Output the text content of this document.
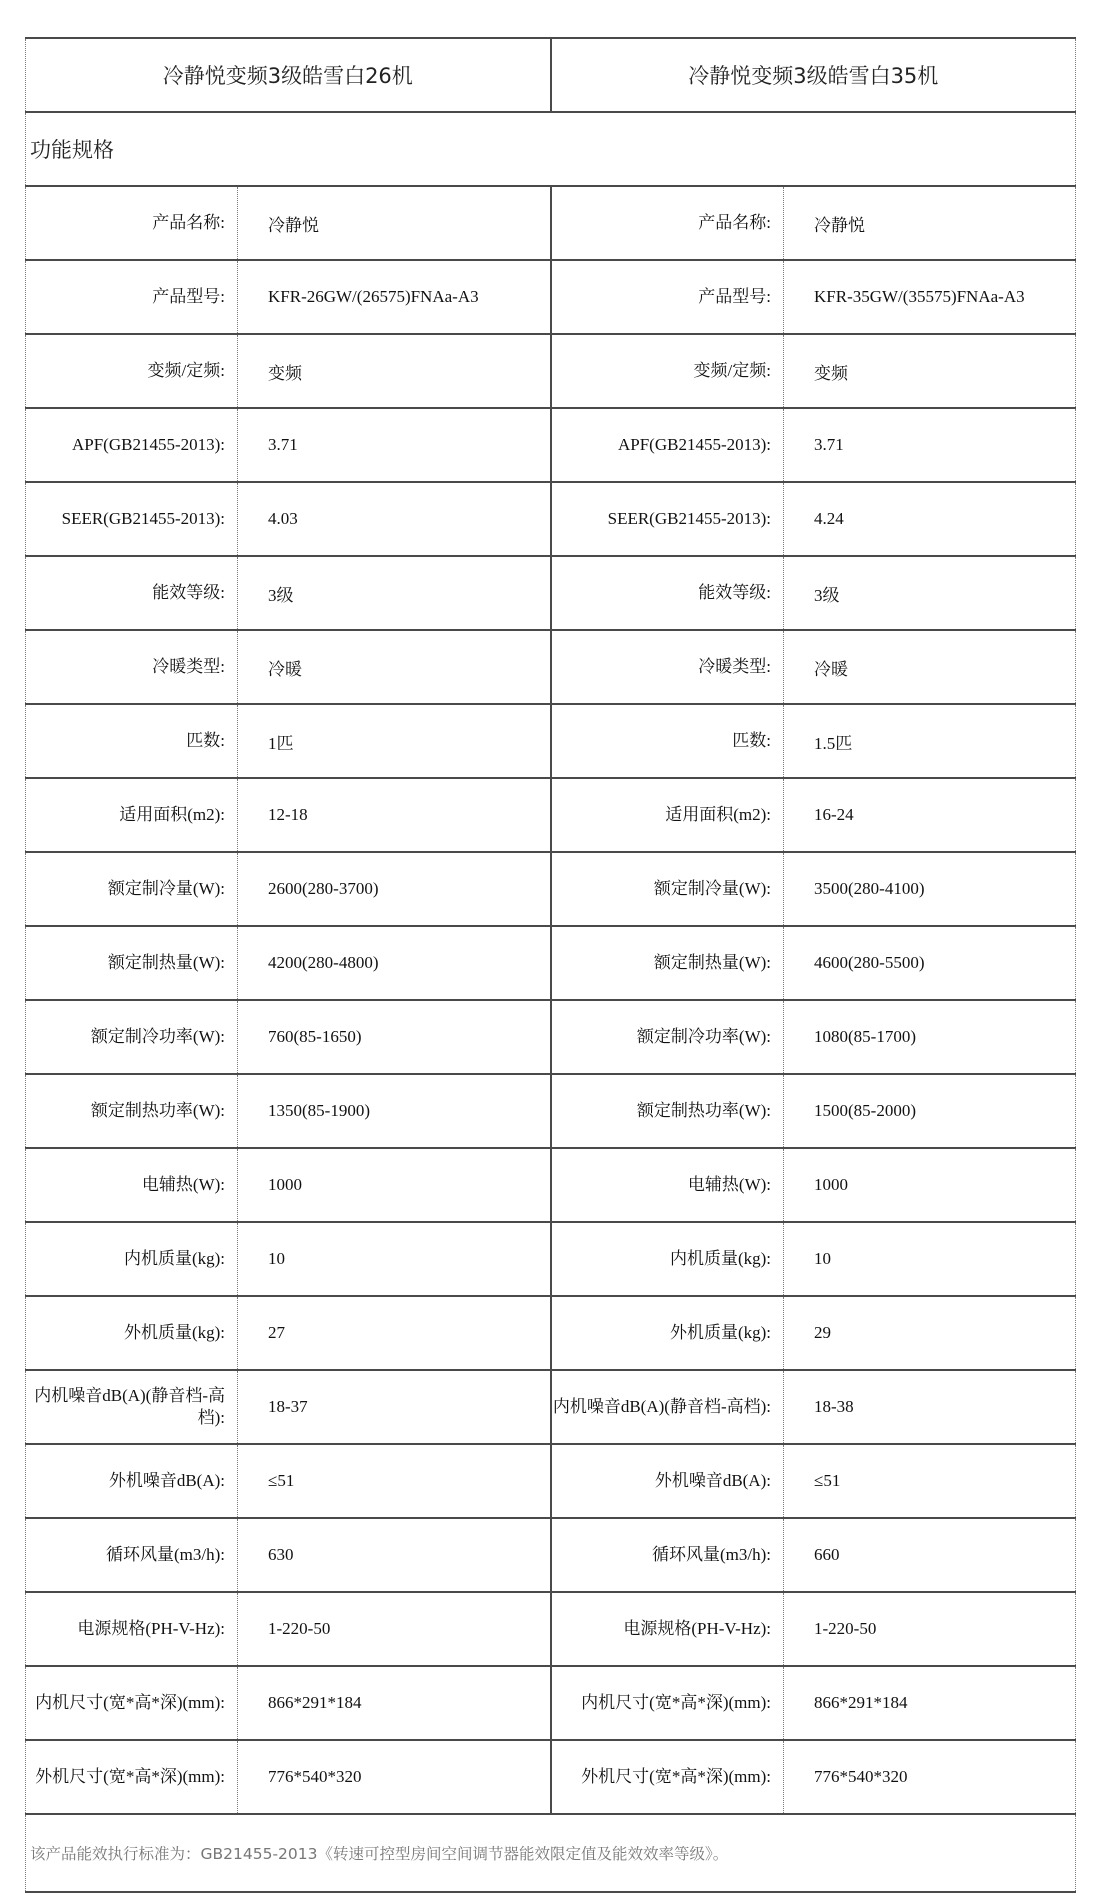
冷静悦变频3级皓雪白26机		冷静悦变频3级皓雪白35机	
功能规格			
产品名称:	冷静悦	产品名称:	冷静悦
产品型号:	KFR-26GW/(26575)FNAa-A3	产品型号:	KFR-35GW/(35575)FNAa-A3
变频/定频:	变频	变频/定频:	变频
APF(GB21455-2013):	3.71	APF(GB21455-2013):	3.71
SEER(GB21455-2013):	4.03	SEER(GB21455-2013):	4.24
能效等级:	3级	能效等级:	3级
冷暖类型:	冷暖	冷暖类型:	冷暖
匹数:	1匹	匹数:	1.5匹
适用面积(m2):	12-18	适用面积(m2):	16-24
额定制冷量(W):	2600(280-3700)	额定制冷量(W):	3500(280-4100)
额定制热量(W):	4200(280-4800)	额定制热量(W):	4600(280-5500)
额定制冷功率(W):	760(85-1650)	额定制冷功率(W):	1080(85-1700)
额定制热功率(W):	1350(85-1900)	额定制热功率(W):	1500(85-2000)
电辅热(W):	1000	电辅热(W):	1000
内机质量(kg):	10	内机质量(kg):	10
外机质量(kg):	27	外机质量(kg):	29
内机噪音dB(A)(静音档-高档):	18-37	内机噪音dB(A)(静音档-高档):	18-38
外机噪音dB(A):	≤51	外机噪音dB(A):	≤51
循环风量(m3/h):	630	循环风量(m3/h):	660
电源规格(PH-V-Hz):	1-220-50	电源规格(PH-V-Hz):	1-220-50
内机尺寸(宽*高*深)(mm):	866*291*184	内机尺寸(宽*高*深)(mm):	866*291*184
外机尺寸(宽*高*深)(mm):	776*540*320	外机尺寸(宽*高*深)(mm):	776*540*320
该产品能效执行标准为：GB21455-2013《转速可控型房间空间调节器能效限定值及能效效率等级》。			
